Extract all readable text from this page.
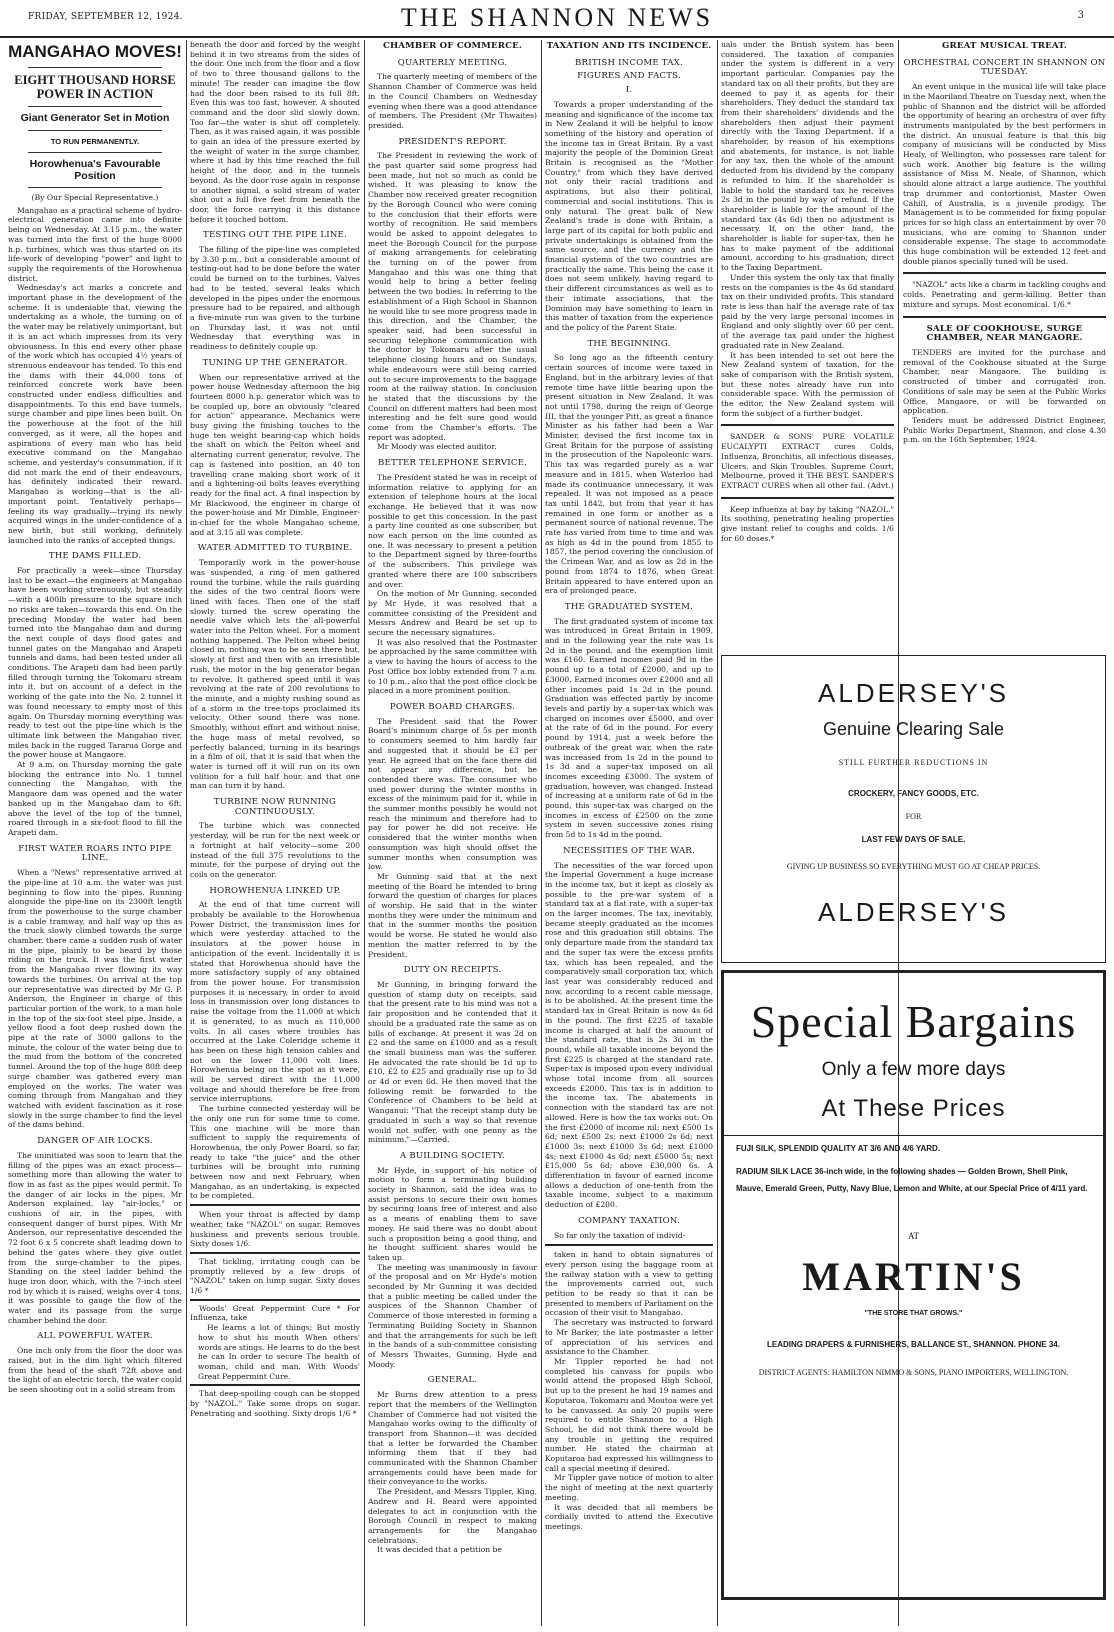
FRIDAY, SEPTEMBER 12, 1924.	THE SHANNON NEWS	3
MANGAHAO MOVES!
EIGHT THOUSAND HORSE POWER IN ACTION
Giant Generator Set in Motion
TO RUN PERMANENTLY.
Horowhenua's Favourable Position
(By Our Special Representative.)

Mangahao as a practical scheme of hydro-electrical generation came into definite being on Wednesday. At 3.15 p.m., the water was turned into the first of the huge 8000 h.p. turbines, which was thus started on its life-work of developing "power" and light to supply the requirements of the Horowhenua district.

Wednesday's act marks a concrete and important phase in the development of the scheme. It is undeniable that, viewing the undertaking as a whole, the turning on of the water may be relatively unimportant, but it is an act which impresses from its very obviousness. In this end every other phase of the work which has occupied 4½ years of strenuous endeavour has tended. To this end the dams with their 44,000 tons of reinforced concrete work have been constructed under endless difficulties and disappointments. To this end have tunnels, surge chamber and pipe lines been built. On the powerhouse at the foot of the hill converged, as it were, all the hopes and aspirations of every man who has held executive command on the Mangahao scheme, and yesterday's consummation, if it did not mark the end of their endeavours, has definitely indicated their reward. Mangahao is working—that is the all-important point. Tentatively perhaps—feeling its way gradually—trying its newly acquired wings in the under-confidence of a new birth, but still working, definitely launched into the ranks of accepted things.

THE DAMS FILLED.

For practically a week—since Thursday last to be exact—the engineers at Mangahao have been working strenuously, but steadily—with a 400lb pressure to the square inch no risks are taken—towards this end. On the preceding Monday the water had been turned into the Mangahao dam and during the next couple of days flood gates and tunnel gates on the Mangahao and Arapeti tunnels and dams, had been tested under all conditions. The Arapeti dam had been partly filled through turning the Tokomaru stream into it, but on account of a defect in the working of the gate into the No. 2 tunnel it was found necessary to empty most of this again. On Thursday morning everything was ready to test out the pipe-line which is the ultimate link between the Mangahao river, miles back in the rugged Tararua Gorge and the power house at Mangaore.

At 9 a.m. on Thursday morning the gate blocking the entrance into No. 1 tunnel connecting the Mangahao, with the Mangaore dam was opened and the water banked up in the Mangahao dam to 6ft. above the level of the top of the tunnel, roared through in a six-foot flood to fill the Arapeti dam.

FIRST WATER ROARS INTO PIPE LINE.

When a "News" representative arrived at the pipe-line at 10 a.m. the water was just beginning to flow into the pipes. Running alongside the pipe-line on its 2300ft length from the powerhouse to the surge chamber is a cable tramway, and half way up this as the truck slowly climbed towards the surge chamber, there came a sudden rush of water in the pipe, plainly to be heard by those riding on the truck. It was the first water from the Mangahao river flowing its way towards the turbines. On arrival at the top our representative was directed by Mr G. P. Anderson, the Engineer in charge of this particular portion of the work, to a man hole in the top of the six-foot steel pipe. Inside, a yellow flood a foot deep rushed down the pipe at the rate of 3000 gallons to the minute, the colour of the water being due to the mud from the bottom of the concreted tunnel. Around the top of the huge 80ft deep surge chamber was gathered every man employed on the works. The water was coming through from Mangahao and they watched with evident fascination as it rose slowly in the surge chamber to find the level of the dams behind.

DANGER OF AIR LOCKS.

The uninitiated was soon to learn that the filling of the pipes was an exact process—something more than allowing the water to flow in as fast as the pipes would permit. To the danger of air locks in the pipes, Mr Anderson explained, lay "air-locks," or cushions of air, in the pipes, with consequent danger of burst pipes. With Mr Anderson, our representative descended the 72 foot 6 x 5 concrete shaft leading down to behind the gates where they give outlet from the surge-chamber to the pipes. Standing on the steel ladder behind the huge iron door, which, with the 7-inch steel rod by which it is raised, weighs over 4 tons, it was possible to gauge the flow of the water and its passage from the surge chamber behind the door.

ALL POWERFUL WATER.

One inch only from the floor the door was raised, but in the dim light which filtered from the head of the shaft 72ft above and the light of an electric torch, the water could be seen shooting out in a solid stream from

beneath the door and forced by the weight behind it in two streams from the sides of the door. One inch from the floor and a flow of two to three thousand gallons to the minute! The reader can imagine the flow had the door been raised to its full 8ft. Even this was too fast, however. A shouted command and the door slid slowly down. Too far—the water is shut off completely. Then, as it was raised again, it was possible to gain an idea of the pressure exerted by the weight of water in the surge chamber, where it had by this time reached the full height of the door, and in the tunnels beyond. As the door rose again in response to another signal, a solid stream of water shot out a full five feet from beneath the door, the force carrying it this distance before it touched bottom.

TESTING OUT THE PIPE LINE.

The filling of the pipe-line was completed by 3.30 p.m., but a considerable amount of testing-out had to be done before the water could be turned on to the turbines. Valves had to be tested, several leaks which developed in the pipes under the enormous pressure had to be repaired, and although a five-minute run was given to the turbine on Thursday last, it was not until Wednesday that everything was in readiness to definitely couple up.

TUNING UP THE GENERATOR.

When our representative arrived at the power house Wednesday afternoon the big fourteen 8000 h.p. generator which was to be coupled up, bore an obviously "cleared for action" appearance. Mechanics were busy giving the finishing touches to the huge ten weight bearing-cap which holds the shaft on which the Pelton wheel and alternating current generator, revolve. The cap is fastened into position, an 40 ton travelling crane making short work of it and a lightening-oil bolts leaves everything ready for the final act. A final inspection by Mr Blackwood, the engineer in charge of the power-house and Mr Dimble, Engineer-in-chief for the whole Mangahao scheme, and at 3.15 all was complete.

WATER ADMITTED TO TURBINE.

Temporarily work in the power-house was suspended, a ring of men gathered round the turbine, while the rails guarding the sides of the two central floors were lined with faces. Then one of the staff slowly turned the screw operating the needle valve which lets the all-powerful water into the Pelton wheel. For a moment nothing happened. The Pelton wheel being closed in, nothing was to be seen there but, slowly at first and then with an irresistible rush, the motor in the big generator began to revolve. It gathered speed until it was revolving at the rate of 200 revolutions to the minute, and a mighty rushing sound as of a storm in the tree-tops proclaimed its velocity. Other sound there was none. Smoothly, without effort and without noise, the huge mass of metal revolved, so perfectly balanced, turning in its bearings in a film of oil, that it is said that when the water is turned off it will run on its own volition for a full half hour, and that one man can turn it by hand.

TURBINE NOW RUNNING CONTINUOUSLY.

The turbine which was connected yesterday, will be run for the next week or a fortnight at half velocity—some 200 instead of the full 375 revolutions to the minute, for the purpose of drying out the coils on the generator.

HOROWHENUA LINKED UP.

At the end of that time current will probably be available to the Horowhenua Power District, the transmission lines for which were yesterday attached to the insulators at the power house in anticipation of the event. Incidentally it is stated that Horowhenua should have the more satisfactory supply of any obtained from the power house. For transmission purposes it is necessary, in order to avoid loss in transmission over long distances to raise the voltage from the 11,000 at which it is generated, to as much as 110,000 volts. In all cases where troubles has occurred at the Lake Coleridge scheme it has been on these high tension cables and not on the lower 11,000 volt lines. Horowhenua being on the spot as it were, will be served direct with the 11,000 voltage and should therefore be free from service interruptions.

The turbine connected yesterday will be the only one run for some time to come. This one machine will be more than sufficient to supply the requirements of Horowhenua, the only Power Board, so far, ready to take "the juice" and the other turbines will be brought into running between now and next February, when Mangahao, as an undertaking, is expected to be completed.

When your throat is affected by damp weather, take "NAZOL" on sugar. Removes huskiness and prevents serious trouble. Sixty doses 1/6.

That tickling, irritating cough can be promptly relieved by a few drops of "NAZOL" taken on lump sugar. Sixty doses 1/6 *

Woods' Great Peppermint Cure * For Influenza, take

He learns a lot of things; But mostly how to shut his mouth When others' words are stings. He learns to do the best he can In order to secure The health of woman, child and man, With Woods' Great Peppermint Cure.

That deep-spoiling cough can be stopped by "NAZOL." Take some drops on sugar. Penetrating and soothing. Sixty drops 1/6 *

CHAMBER OF COMMERCE.
QUARTERLY MEETING.

The quarterly meeting of members of the Shannon Chamber of Commerce was held in the Council Chambers on Wednesday evening when there was a good attendance of members. The President (Mr Thwaites) presided.

PRESIDENT'S REPORT.

The President in reviewing the work of the past quarter said some progress had been made, but not so much as could be wished. It was pleasing to know the Chamber now received greater recognition by the Borough Council who were coming to the conclusion that their efforts were worthy of recognition. He said members would be asked to appoint delegates to meet the Borough Council for the purpose of making arrangements for celebrating the turning on of the power from Mangahao and this was one thing that would help to bring a better feeling between the two bodies. In referring to the establishment of a High School in Shannon he would like to see more progress made in this direction, and the Chamber, the speaker said, had been successful in securing telephone communication with the doctor by Tokomaru after the usual telephone closing hours and on Sundays, while endeavours were still being carried out to secure improvements to the baggage room at the railway station. In conclusion he stated that the discussions by the Council on different matters had been most interesting and he felt sure good would come from the Chamber's efforts. The report was adopted.

Mr Moody was elected auditor.

BETTER TELEPHONE SERVICE.

The President stated he was in receipt of information relative to applying for an extension of telephone hours at the local exchange. He believed that it was now possible to get this concession. In the past a party line counted as one subscriber, but now each person on the line counted as one. It was necessary to present a petition to the Department signed by three-fourths of the subscribers. This privilege was granted where there are 100 subscribers and over.

On the motion of Mr Gunning, seconded by Mr Hyde, it was resolved that a committee consisting of the President and Messrs Andrew and Beard be set up to secure the necessary signatures.

It was also resolved that the Postmaster be approached by the same committee with a view to having the hours of access to the Post Office box lobby extended from 7 a.m. to 10 p.m., also that the post office clock be placed in a more prominent position.

POWER BOARD CHARGES.

The President said that the Power Board's minimum charge of 5s per month to consumers seemed to him hardly fair and suggested that it should be £3 per year. He agreed that on the face there did not appear any difference, but he contended there was. The consumer who used power during the winter months in excess of the minimum paid for it, while in the summer months possibly he would not reach the minimum and therefore had to pay for power he did not receive. He considered that the winter months when consumption was high should offset the summer months when consumption was low.

Mr Gunning said that at the next meeting of the Board he intended to bring forward the question of charges for places of worship. He said that in the winter months they were under the minimum and that in the summer months the position would be worse. He stated he would also mention the matter referred to by the President.

DUTY ON RECEIPTS.

Mr Gunning, in bringing forward the question of stamp duty on receipts, said that the present rate to his mind was not a fair proposition and he contended that it should be a graduated rate the same as on bills of exchange. At present it was 2d on £2 and the same on £1000 and as a result the small business man was the sufferer. He advocated the rate should be 1d up to £10, £2 to £25 and gradually rise up to 3d or 4d or even 6d. He then moved that the following remit be forwarded to the Conference of Chambers to be held at Wanganui: "That the receipt stamp duty be graduated in such a way so that revenue would not suffer, with one penny as the minimum."—Carried.

A BUILDING SOCIETY.

Mr Hyde, in support of his notice of motion to form a terminating building society in Shannon, said the idea was to assist persons to secure their own homes by securing loans free of interest and also as a means of enabling them to save money. He said there was no doubt about such a proposition being a good thing, and he thought sufficient shares would be taken up.

The meeting was unanimously in favour of the proposal and on Mr Hyde's motion seconded by Mr Gunning it was decided that a public meeting be called under the auspices of the Shannon Chamber of Commerce of those interested in forming a Terminating Building Society in Shannon and that the arrangements for such be left in the hands of a sub-committee consisting of Messrs Thwaites, Gunning, Hyde and Moody.

GENERAL.

Mr Burns drew attention to a press report that the members of the Wellington Chamber of Commerce had not visited the Mangahao works owing to the difficulty of transport from Shannon—it was decided that a letter be forwarded the Chamber informing them that if they had communicated with the Shannon Chamber arrangements could have been made for their conveyance to the works.

The President, and Messrs Tippler, King, Andrew and H. Beard were appointed delegates to act in conjunction with the Borough Council in respect to making arrangements for the Mangahao celebrations.

It was decided that a petition be

TAXATION AND ITS INCIDENCE.
BRITISH INCOME TAX.
FIGURES AND FACTS.
I.

Towards a proper understanding of the meaning and significance of the income tax in New Zealand it will be helpful to know something of the history and operation of the income tax in Great Britain. By a vast majority the people of the Dominion Great Britain is recognised as the "Mother Country," from which they have derived not only their racial traditions and aspirations, but also their political, commercial and social institutions. This is only natural. The great bulk of New Zealand's trade is done with Britain, a large part of its capital for both public and private undertakings is obtained from the same source, and the currency and the financial systems of the two countries are practically the same. This being the case it does not seem unlikely, having regard to their different circumstances as well as to their intimate associations, that the Dominion may have something to learn in this matter of taxation from the experience and the policy of the Parent State.

THE BEGINNING.

So long ago as the fifteenth century certain sources of income were taxed in England, but in the arbitrary levies of that remote time have little bearing upon the present situation in New Zealand. It was not until 1798, during the reign of George III, that the younger Pitt, as great a finance Minister as his father had been a War Minister, devised the first income tax in Great Britain for the purpose of assisting in the prosecution of the Napoleonic wars. This tax was regarded purely as a war measure and in 1815, when Waterloo had made its continuance unnecessary, it was repealed. It was not imposed as a peace tax until 1842, but from that year it has remained in one form or another as a permanent source of national revenue. The rate has varied from time to time and was as high as 4d in the pound from 1855 to 1857, the period covering the conclusion of the Crimean War, and as low as 2d in the pound from 1874 to 1876, when Great Britain appeared to have entered upon an era of prolonged peace.

THE GRADUATED SYSTEM.

The first graduated system of income tax was introduced in Great Britain in 1909, and in the following year the rate was 1s 2d in the pound, and the exemption limit was £160. Earned incomes paid 9d in the pound up to a total of £2000, and up to £3000, Earned incomes over £2000 and all other incomes paid 1s 2d in the pound. Graduation was effected partly by income levels and partly by a super-tax which was charged on incomes over £5000, and over at the rate of 6d in the pound. For every pound by 1914, just a week before the outbreak of the great war, when the rate was increased from 1s 2d in the pound to 1s 3d and a super-tax imposed on all incomes exceeding £3000. The system of graduation, however, was changed. Instead of increasing at a uniform rate of 6d in the pound, this super-tax was charged on the incomes in excess of £2500 on the zone system in seven successive zones rising from 5d to 1s 4d in the pound.

NECESSITIES OF THE WAR.

The necessities of the war forced upon the Imperial Government a huge increase in the income tax, but it kept as closely as possible to the pre-war system of a standard tax at a flat rate, with a super-tax on the larger incomes. The tax, inevitably, became steeply graduated as the incomes rose and this graduation still obtains. The only departure made from the standard tax and the super tax were the excess profits tax, which has been repealed, and the comparatively small corporation tax, which last year was considerably reduced and now, according to a recent cable message, is to be abolished. At the present time the standard tax in Great Britain is now 4s 6d in the pound. The first £225 of taxable income is charged at half the amount of the standard rate, that is 2s 3d in the pound, while all taxable income beyond the first £225 is charged at the standard rate. Super-tax is imposed upon every individual whose total income from all sources exceeds £2000. This tax is in addition to the income tax. The abatements in connection with the standard tax are not allowed. Here is how the tax works out: On the first £2000 of income nil; next £500 1s 6d; next £500 2s; next £1000 2s 6d; next £1000 3s; next £1000 3s 6d; next £1000 4s; next £1000 4s 6d; next £5000 5s; next £15,000 5s 6d; above £30,000 6s. A differentiation in favour of earned income allows a deduction of one-tenth from the taxable income, subject to a maximum deduction of £200.

COMPANY TAXATION.

So far only the taxation of individ-

taken in hand to obtain signatures of every person using the baggage room at the railway station with a view to getting the improvements carried out, such petition to be ready so that it can be presented to members of Parliament on the occasion of their visit to Mangahao.

The secretary was instructed to forward to Mr Barker, the late postmaster a letter of appreciation of his services and assistance to the Chamber.

Mr Tippler reported he had not completed his canvass for pupils who would attend the proposed High School, but up to the present he had 19 names and Koputaroa, Tokomaru and Moutoa were yet to be canvassed. As only 20 pupils were required to entitle Shannon to a High School, he did not think there would be any trouble in getting the required number. He stated the chairman at Koputaroa had expressed his willingness to call a special meeting if desired.

Mr Tippler gave notice of motion to alter the night of meeting at the next quarterly meeting.

It was decided that all members be cordially invited to attend the Executive meetings.

uals under the British system has been considered. The taxation of companies under the system is different in a very important particular. Companies pay the standard tax on all their profits, but they are deemed to pay it as agents for their shareholders. They deduct the standard tax from their shareholders' dividends and the shareholders then adjust their payment directly with the Taxing Department. If a shareholder, by reason of his exemptions and abatements, for instance, is not liable for any tax, then the whole of the amount deducted from his dividend by the company is refunded to him. If the shareholder is liable to hold the standard tax he receives 2s 3d in the pound by way of refund. If the shareholder is liable for the amount of the standard tax (4s 6d) then no adjustment is necessary. If, on the other hand, the shareholder is liable for super-tax, then he has to make payment of the additional amount, according to his graduation, direct to the Taxing Department.

Under this system the only tax that finally rests on the companies is the 4s 6d standard tax on their undivided profits. This standard rate is less than half the average rate of tax paid by the very large personal incomes in England and only slightly over 60 per cent. of the average tax paid under the highest graduated rate in New Zealand.

It has been intended to set out here the New Zealand system of taxation, for the sake of comparison with the British system, but these notes already have run into considerable space. With the permission of the editor, the New Zealand system will form the subject of a further budget.

SANDER & SONS' PURE VOLATILE EUCALYPTI EXTRACT cures Colds, Influenza, Bronchitis, all infectious diseases, Ulcers, and Skin Troubles. Supreme Court, Melbourne, proved it THE BEST. SANDER'S EXTRACT CURES when all other fail. (Advt.)

Keep influenza at bay by taking "NAZOL." Its soothing, penetrating healing properties give instant relief to coughs and colds. 1/6 for 60 doses.*

GREAT MUSICAL TREAT.
ORCHESTRAL CONCERT IN SHANNON ON TUESDAY.

An event unique in the musical life will take place in the Maoriland Theatre on Tuesday next, when the public of Shannon and the district will be afforded the opportunity of hearing an orchestra of over fifty instruments manipulated by the best performers in the district. An unusual feature is that this big company of musicians will be conducted by Miss Healy, of Wellington, who possesses rare talent for such work. Another big feature is the willing assistance of Miss M. Neale, of Shannon, which should alone attract a large audience. The youthful trap drummer and contortionist, Master Owen Cahill, of Australia, is a juvenile prodigy. The Management is to be commended for fixing popular prices for so high class an entertainment by over 70 musicians, who are coming to Shannon under considerable expense. The stage to accommodate this huge combination will be extended 12 feet and double pianos specially tuned will be used.

"NAZOL" acts like a charm in tackling coughs and colds. Penetrating and germ-killing. Better than mixture and syrups. Most economical. 1/6.*

SALE OF COOKHOUSE, SURGE CHAMBER, NEAR MANGAORE.

TENDERS are invited for the purchase and removal of the Cookhouse situated at the Surge Chamber, near Mangaore. The building is constructed of timber and corrugated iron. Conditions of sale may be seen at the Public Works Office, Mangaore, or will be forwarded on application.

Tenders must be addressed District Engineer, Public Works Department, Shannon, and close 4.30 p.m. on the 16th September, 1924.

ALDERSEY'S
Genuine Clearing Sale
STILL FURTHER REDUCTIONS IN
CROCKERY, FANCY GOODS, ETC.
FOR
LAST FEW DAYS OF SALE.
GIVING UP BUSINESS SO EVERYTHING MUST GO AT CHEAP PRICES.
ALDERSEY'S
Special Bargains
Only a few more days
At These Prices
FUJI SILK, SPLENDID QUALITY AT 3/6 AND 4/6 YARD.
RADIUM SILK LACE 36-inch wide, in the following shades — Golden Brown, Shell Pink, Mauve, Emerald Green, Putty, Navy Blue, Lemon and White, at our Special Price of 4/11 yard.
AT
MARTIN'S
"THE STORE THAT GROWS."
LEADING DRAPERS & FURNISHERS, BALLANCE ST., SHANNON. PHONE 34.
DISTRICT AGENTS: HAMILTON NIMMO & SONS, PIANO IMPORTERS, WELLINGTON.
